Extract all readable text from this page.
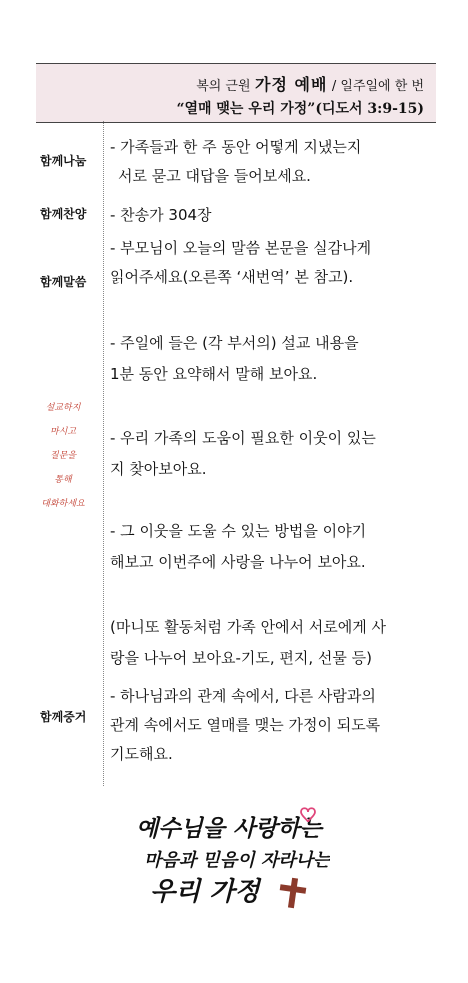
복의 근원 가정 예배 / 일주일에 한 번
“열매 맺는 우리 가정”(디도서 3:9-15)
함께나눔
함께찬양
함께말씀
함께중거
설교하지
마시고
질문을
통해
대화하세요
- 가족들과 한 주 동안 어떻게 지냈는지
서로 묻고 대답을 들어보세요.
- 찬송가 304장
- 부모님이 오늘의 말씀 본문을 실감나게
읽어주세요(오른쪽 ‘새번역’ 본 참고).
- 주일에 들은 (각 부서의) 설교 내용을
1분 동안 요약해서 말해 보아요.
- 우리 가족의 도움이 필요한 이웃이 있는
지 찾아보아요.
- 그 이웃을 도울 수 있는 방법을 이야기
해보고 이번주에 사랑을 나누어 보아요.
(마니또 활동처럼 가족 안에서 서로에게 사
랑을 나누어 보아요-기도, 편지, 선물 등)
- 하나님과의 관계 속에서, 다른 사람과의
관계 속에서도 열매를 맺는 가정이 되도록
기도해요.
예수님을 사랑하는
마음과 믿음이 자라나는
우리 가정
